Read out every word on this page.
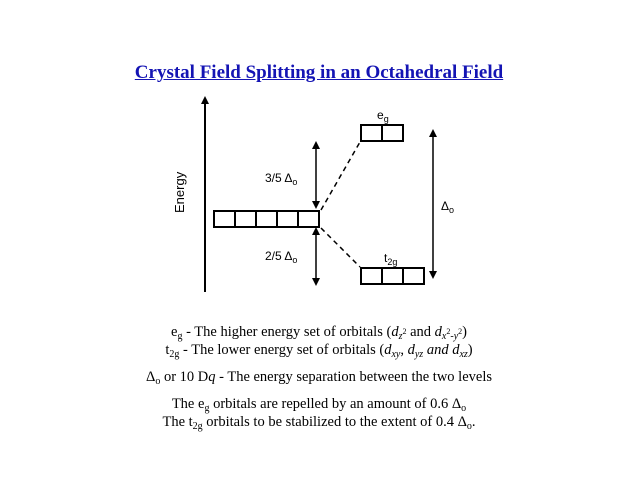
Crystal Field Splitting in an Octahedral Field
Energy
$e_g$
$t_{2g}$
3/5 $\Delta_o$
2/5 $\Delta_o$
$\Delta_o$
$e_g$ - The higher energy set of orbitals ($d_{z^2}$ and $d_{x^2-y^2}$)
$t_{2g}$ - The lower energy set of orbitals ($d_{xy}$, $d_{yz}$ and $d_{xz}$)
$\Delta_o$ or 10 Dq - The energy separation between the two levels
The $e_g$ orbitals are repelled by an amount of 0.6 $\Delta_o$
The $t_{2g}$ orbitals to be stabilized to the extent of 0.4 $\Delta_o$.
